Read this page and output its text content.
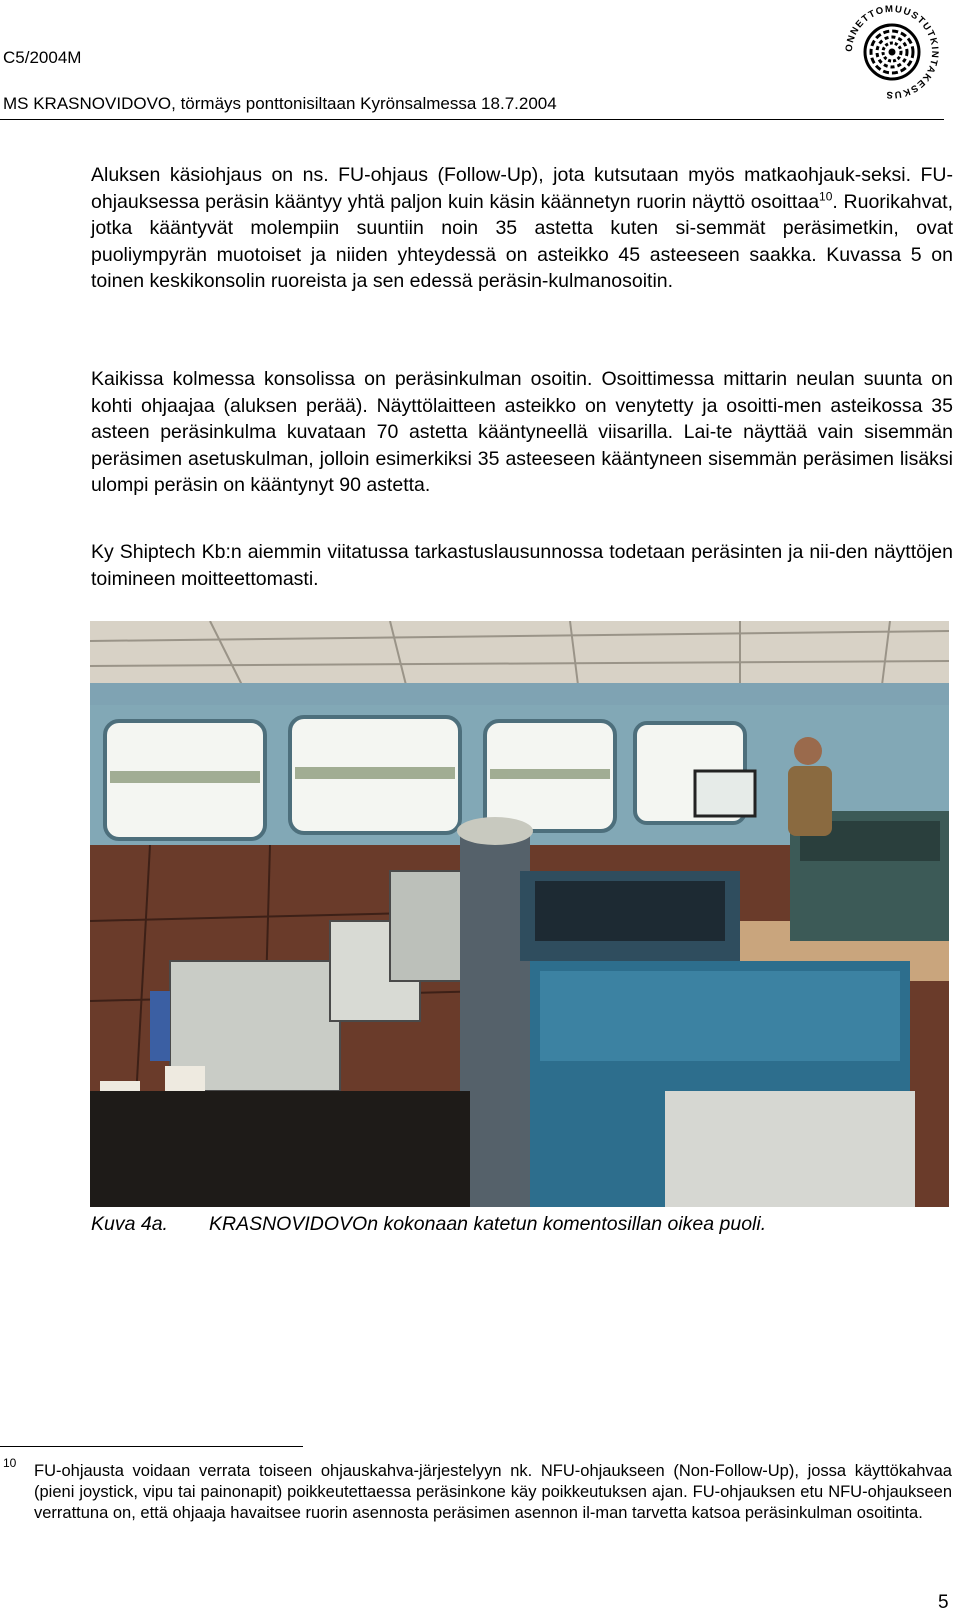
C5/2004M
MS KRASNOVIDOVO, törmäys ponttonisiltaan Kyrönsalmessa 18.7.2004
ONNETTOMUUSTUTKINTAKESKUS

Aluksen käsiohjaus on ns. FU-ohjaus (Follow-Up), jota kutsutaan myös matkaohjauk-seksi. FU-ohjauksessa peräsin kääntyy yhtä paljon kuin käsin käännetyn ruorin näyttö osoittaa$^{10}$. Ruorikahvat, jotka kääntyvät molempiin suuntiin noin 35 astetta kuten si-semmät peräsimetkin, ovat puoliympyrän muotoiset ja niiden yhteydessä on asteikko 45 asteeseen saakka. Kuvassa 5 on toinen keskikonsolin ruoreista ja sen edessä peräsin-kulmanosoitin.

Kaikissa kolmessa konsolissa on peräsinkulman osoitin. Osoittimessa mittarin neulan suunta on kohti ohjaajaa (aluksen perää). Näyttölaitteen asteikko on venytetty ja osoitti-men asteikossa 35 asteen peräsinkulma kuvataan 70 astetta kääntyneellä viisarilla. Lai-te näyttää vain sisemmän peräsimen asetuskulman, jolloin esimerkiksi 35 asteeseen kääntyneen sisemmän peräsimen lisäksi ulompi peräsin on kääntynyt 90 astetta.

Ky Shiptech Kb:n aiemmin viitatussa tarkastuslausunnossa todetaan peräsinten ja nii-den näyttöjen toimineen moitteettomasti.

Kuva 4a. KRASNOVIDOVOn kokonaan katetun komentosillan oikea puoli.
10 FU-ohjausta voidaan verrata toiseen ohjauskahva-järjestelyyn nk. NFU-ohjaukseen (Non-Follow-Up), jossa käyttökahvaa (pieni joystick, vipu tai painonapit) poikkeutettaessa peräsinkone käy poikkeutuksen ajan. FU-ohjauksen etu NFU-ohjaukseen verrattuna on, että ohjaaja havaitsee ruorin asennosta peräsimen asennon il-man tarvetta katsoa peräsinkulman osoitinta.

5
